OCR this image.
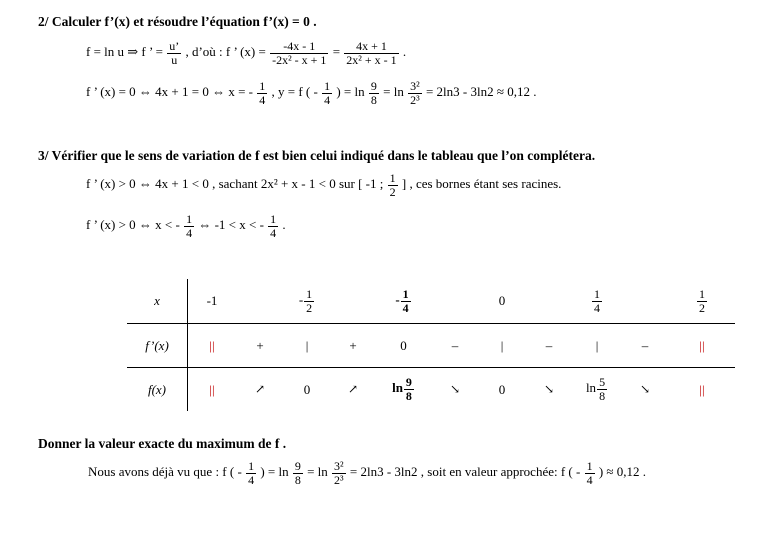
2/ Calculer f’(x) et résoudre l’équation f’(x) = 0 .
f = ln u ⇒ f ’ = $\frac{u’}{u}$ , d’où : f ’ $(x) = \frac{-4x - 1}{\text{-2x² - x + 1}} = \frac{4x + 1}{\text{2x² + x - 1}}$ .
f ’ (x) = 0 ⇔ 4x + 1 = 0 ⇔ x = - $\frac{1}{4}$ , y = f ( - $\frac{1}{4}$ ) = $\ln \frac{9}{8} = \ln \frac{\text{3²}}{\text{2³}} = 2\ln 3 - 3\ln 2 \approx 0,12$ .
3/ Vérifier que le sens de variation de f est bien celui indiqué dans le tableau que l’on complétera.
f ’ (x) > 0 ⇔ 4x + 1 < 0 , sachant 2x² + x - 1 < 0 sur [ -1 ; $\frac{1}{2}$ ] , ces bornes étant ses racines.
f ’ (x) > 0 ⇔ x < - $\frac{1}{4}$ ⇔ -1 < x < - $\frac{1}{4}$ .
x	-1		- $\frac{1}{2}$		- $\frac{1}{4}$		0		$\frac{1}{4}$		$\frac{1}{2}$

f’(x)	||	+	|	+	0	–	|	–	|	–	||
f(x)	||	↗	0	↗	$\ln \frac{9}{8}$	↘	0	↘	$\ln \frac{5}{8}$	↘	||
Donner la valeur exacte du maximum de f .
Nous avons déjà vu que : f ( - $\frac{1}{4}$ ) = $\ln \frac{9}{8} = \ln \frac{\text{3²}}{\text{2³}} = 2\ln 3 - 3\ln 2$ , soit en valeur approchée: f ( - $\frac{1}{4}$ ) ≈ 0,12 .
